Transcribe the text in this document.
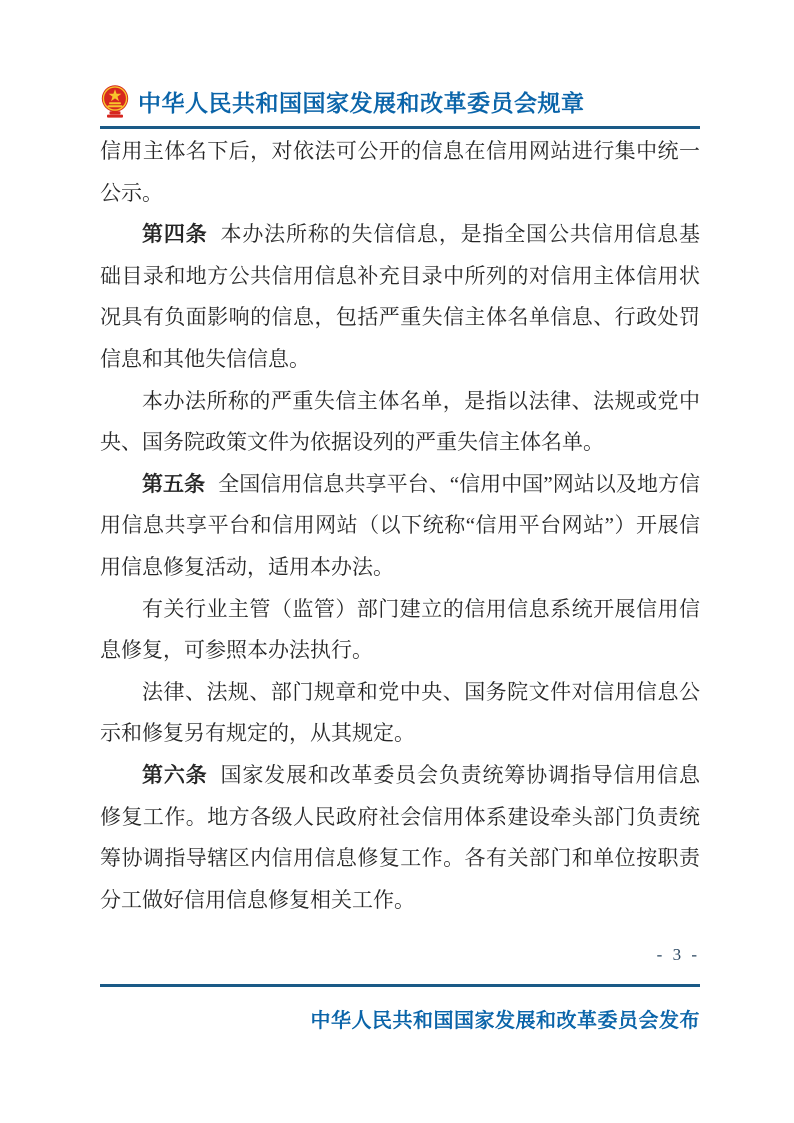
中华人民共和国国家发展和改革委员会规章

信用主体名下后，对依法可公开的信息在信用网站进行集中统一公示。

第四条 本办法所称的失信信息，是指全国公共信用信息基础目录和地方公共信用信息补充目录中所列的对信用主体信用状况具有负面影响的信息，包括严重失信主体名单信息、行政处罚信息和其他失信信息。

本办法所称的严重失信主体名单，是指以法律、法规或党中央、国务院政策文件为依据设列的严重失信主体名单。

第五条 全国信用信息共享平台、“信用中国”网站以及地方信用信息共享平台和信用网站（以下统称“信用平台网站”）开展信用信息修复活动，适用本办法。

有关行业主管（监管）部门建立的信用信息系统开展信用信息修复，可参照本办法执行。

法律、法规、部门规章和党中央、国务院文件对信用信息公示和修复另有规定的，从其规定。

第六条 国家发展和改革委员会负责统筹协调指导信用信息修复工作。地方各级人民政府社会信用体系建设牵头部门负责统筹协调指导辖区内信用信息修复工作。各有关部门和单位按职责分工做好信用信息修复相关工作。

- 3 -
中华人民共和国国家发展和改革委员会发布
